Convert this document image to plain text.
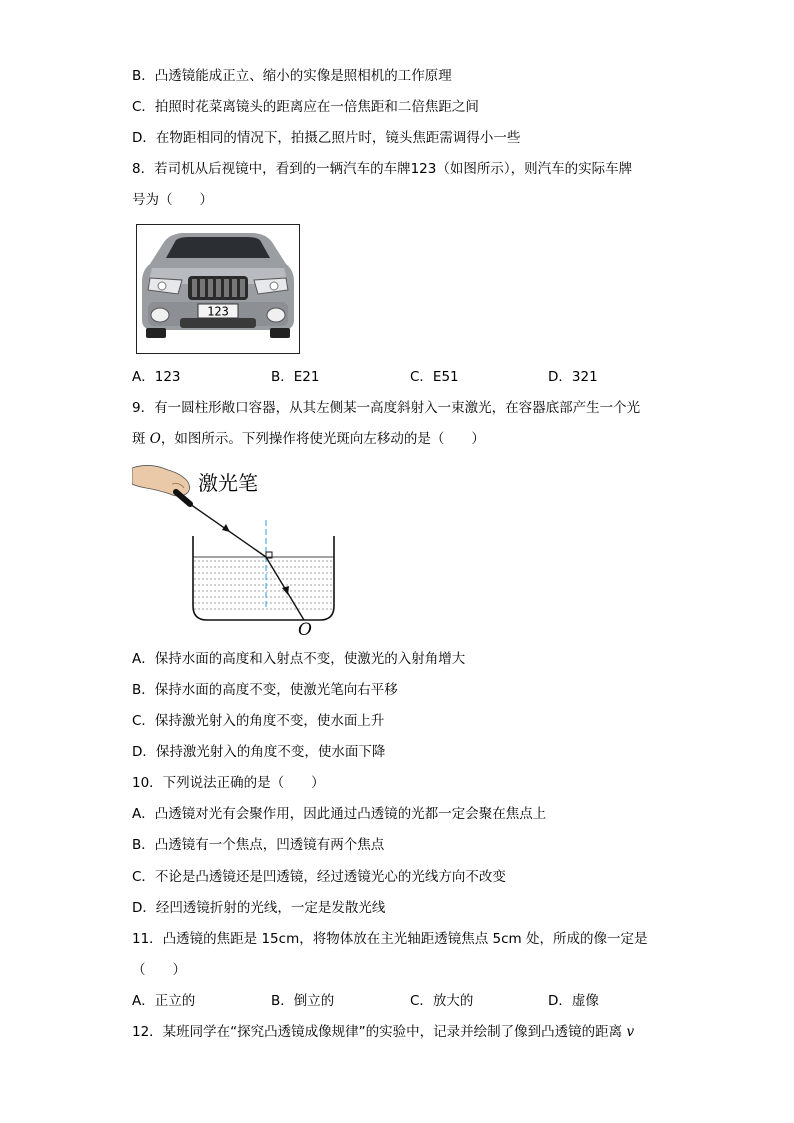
B．凸透镜能成正立、缩小的实像是照相机的工作原理
C．拍照时花菜离镜头的距离应在一倍焦距和二倍焦距之间
D．在物距相同的情况下，拍摄乙照片时，镜头焦距需调得小一些
8．若司机从后视镜中，看到的一辆汽车的车牌123（如图所示），则汽车的实际车牌
号为（　　）
123
A．123	B．E21	C．E51	D．321
9．有一圆柱形敞口容器，从其左侧某一高度斜射入一束激光，在容器底部产生一个光
斑 O，如图所示。下列操作将使光斑向左移动的是（　　）
激光笔
O
A．保持水面的高度和入射点不变，使激光的入射角增大
B．保持水面的高度不变，使激光笔向右平移
C．保持激光射入的角度不变，使水面上升
D．保持激光射入的角度不变，使水面下降
10．下列说法正确的是（　　）
A．凸透镜对光有会聚作用，因此通过凸透镜的光都一定会聚在焦点上
B．凸透镜有一个焦点，凹透镜有两个焦点
C．不论是凸透镜还是凹透镜，经过透镜光心的光线方向不改变
D．经凹透镜折射的光线，一定是发散光线
11．凸透镜的焦距是 15cm，将物体放在主光轴距透镜焦点 5cm 处，所成的像一定是
（　　）
A．正立的	B．倒立的	C．放大的	D．虚像
12．某班同学在“探究凸透镜成像规律”的实验中，记录并绘制了像到凸透镜的距离 v
